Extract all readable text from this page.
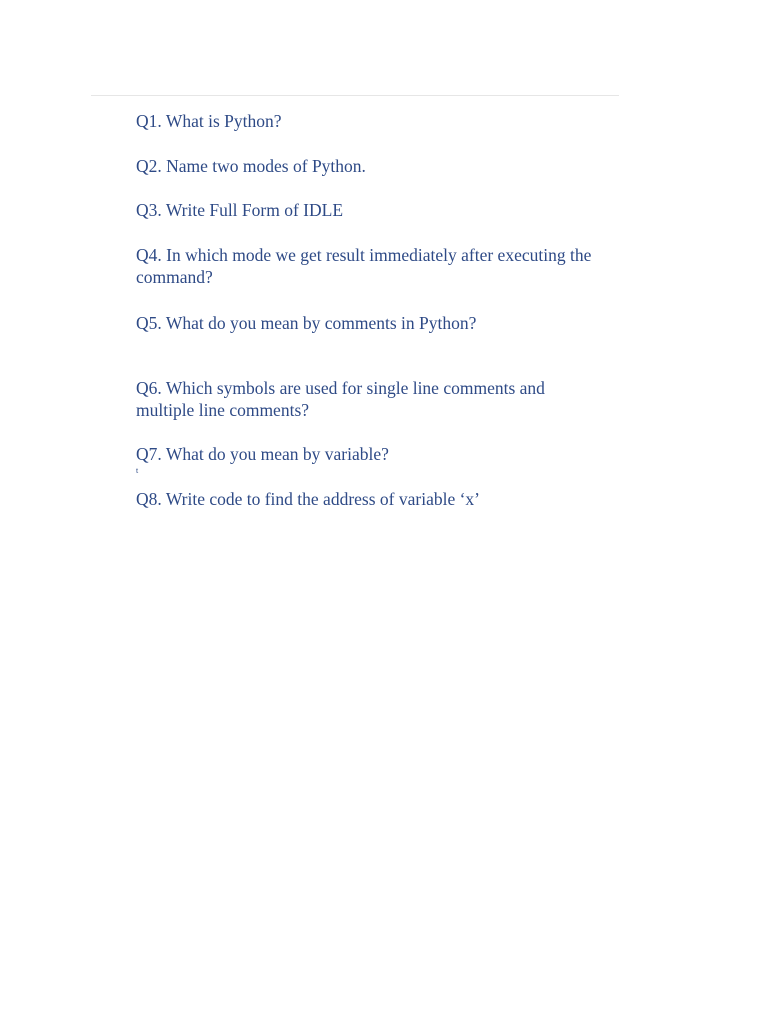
Q1. What is Python?

Q2. Name two modes of Python.

Q3. Write Full Form of IDLE

Q4. In which mode we get result immediately after executing the command?

Q5. What do you mean by comments in Python?

Q6. Which symbols are used for single line comments and multiple line comments?

Q7. What do you mean by variable?

t

Q8. Write code to find the address of variable ‘x’
